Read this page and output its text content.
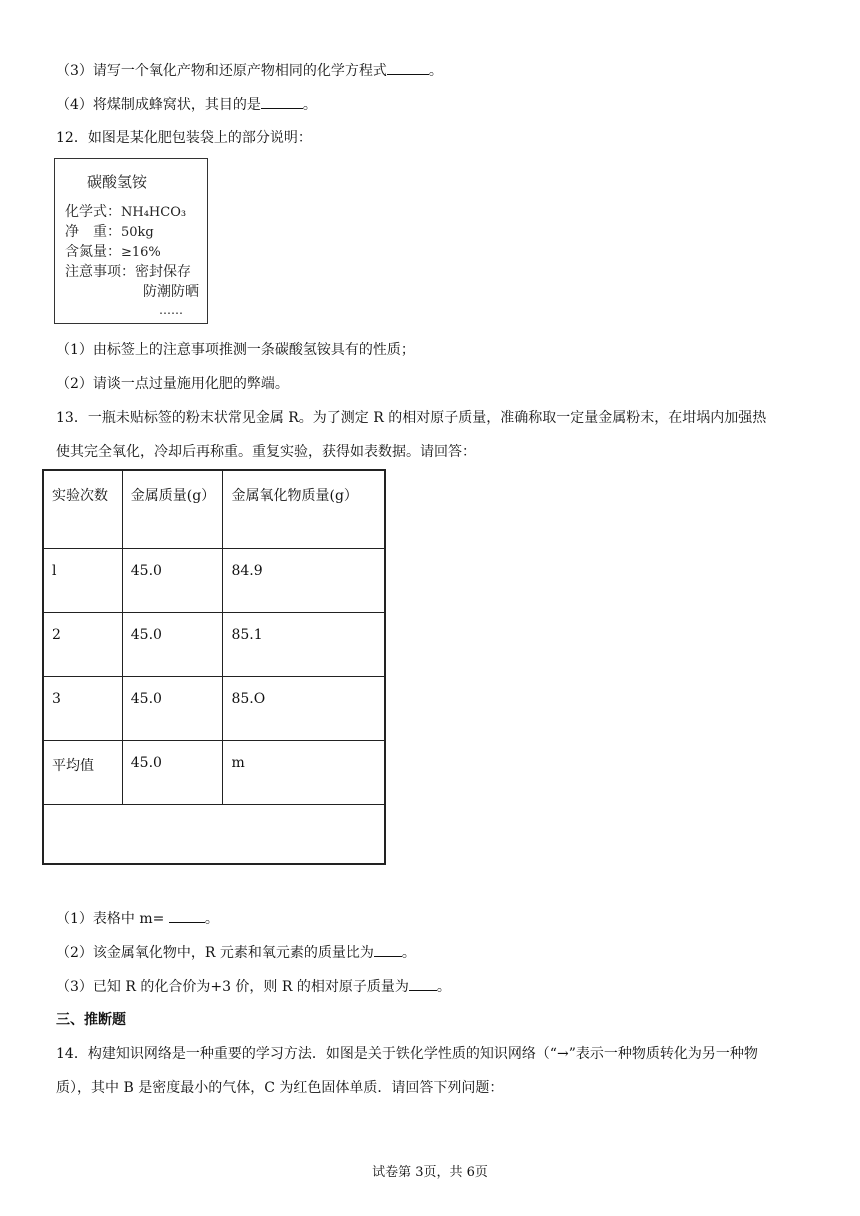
（3）请写一个氧化产物和还原产物相同的化学方程式	。
（4）将煤制成蜂窝状，其目的是	。
12．如图是某化肥包装袋上的部分说明：
碳酸氢铵
化学式：NH₄HCO₃
净　重：50kg
含氮量：≥16%
注意事项：密封保存
防潮防晒
……
（1）由标签上的注意事项推测一条碳酸氢铵具有的性质；
（2）请谈一点过量施用化肥的弊端。
13．一瓶未贴标签的粉末状常见金属 R。为了测定 R 的相对原子质量，准确称取一定量金属粉末，在坩埚内加强热
使其完全氧化，冷却后再称重。重复实验，获得如表数据。请回答：
实验次数	金属质量(g）	金属氧化物质量(g）
l	45.0	84.9
2	45.0	85.1
3	45.0	85.O
平均值	45.0	m
（1）表格中 m=	。
（2）该金属氧化物中，R 元素和氧元素的质量比为 。
（3）已知 R 的化合价为+3 价，则 R 的相对原子质量为 。
三、推断题
14．构建知识网络是一种重要的学习方法．如图是关于铁化学性质的知识网络（“→”表示一种物质转化为另一种物
质），其中 B 是密度最小的气体，C 为红色固体单质．请回答下列问题：
试卷第 3页，共 6页
